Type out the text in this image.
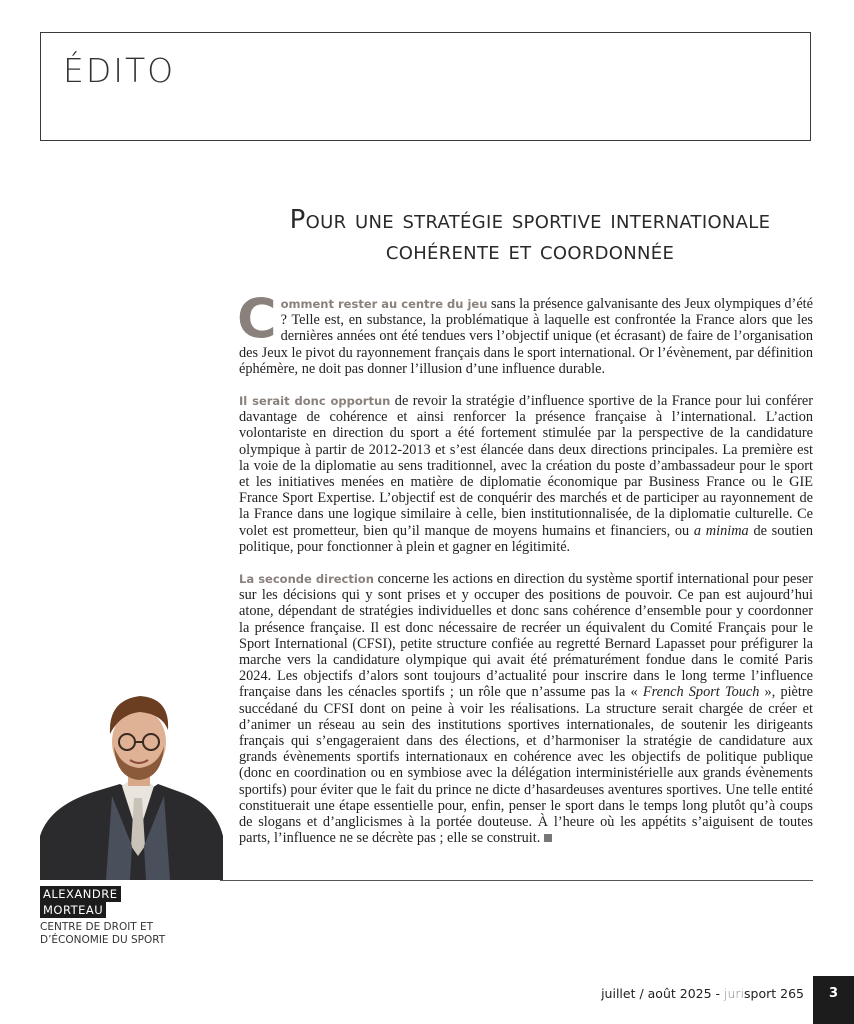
ÉDITO
Pour une stratégie sportive internationale
cohérente et coordonnée

Comment rester au centre du jeu sans la présence galvanisante des Jeux olympiques d’été ? Telle est, en substance, la problématique à laquelle est confrontée la France alors que les dernières années ont été tendues vers l’objectif unique (et écrasant) de faire de l’organisation des Jeux le pivot du rayonnement français dans le sport international. Or l’évènement, par définition éphémère, ne doit pas donner l’illusion d’une influence durable.

Il serait donc opportun de revoir la stratégie d’influence sportive de la France pour lui conférer davantage de cohérence et ainsi renforcer la présence française à l’international. L’action volontariste en direction du sport a été fortement stimulée par la perspective de la candidature olympique à partir de 2012-2013 et s’est élancée dans deux directions principales. La première est la voie de la diplomatie au sens traditionnel, avec la création du poste d’ambassadeur pour le sport et les initiatives menées en matière de diplomatie économique par Business France ou le GIE France Sport Expertise. L’objectif est de conquérir des marchés et de participer au rayonnement de la France dans une logique similaire à celle, bien institutionnalisée, de la diplomatie culturelle. Ce volet est prometteur, bien qu’il manque de moyens humains et financiers, ou a minima de soutien politique, pour fonctionner à plein et gagner en légitimité.

La seconde direction concerne les actions en direction du système sportif international pour peser sur les décisions qui y sont prises et y occuper des positions de pouvoir. Ce pan est aujourd’hui atone, dépendant de stratégies individuelles et donc sans cohérence d’ensemble pour y coordonner la présence française. Il est donc nécessaire de recréer un équivalent du Comité Français pour le Sport International (CFSI), petite structure confiée au regretté Bernard Lapasset pour préfigurer la marche vers la candidature olympique qui avait été prématurément fondue dans le comité Paris 2024. Les objectifs d’alors sont toujours d’actualité pour inscrire dans le long terme l’influence française dans les cénacles sportifs ; un rôle que n’assume pas la « French Sport Touch », piètre succédané du CFSI dont on peine à voir les réalisations. La structure serait chargée de créer et d’animer un réseau au sein des institutions sportives internationales, de soutenir les dirigeants français qui s’engageraient dans des élections, et d’harmoniser la stratégie de candidature aux grands évènements sportifs internationaux en cohérence avec les objectifs de politique publique (donc en coordination ou en symbiose avec la délégation interministérielle aux grands évènements sportifs) pour éviter que le fait du prince ne dicte d’hasardeuses aventures sportives. Une telle entité constituerait une étape essentielle pour, enfin, penser le sport dans le temps long plutôt qu’à coups de slogans et d’anglicismes à la portée douteuse. À l’heure où les appétits s’aiguisent de toutes parts, l’influence ne se décrète pas ; elle se construit.

ALEXANDRE
MORTEAU
CENTRE DE DROIT ET D’ÉCONOMIE DU SPORT
juillet / août 2025 - jurisport 265	3
